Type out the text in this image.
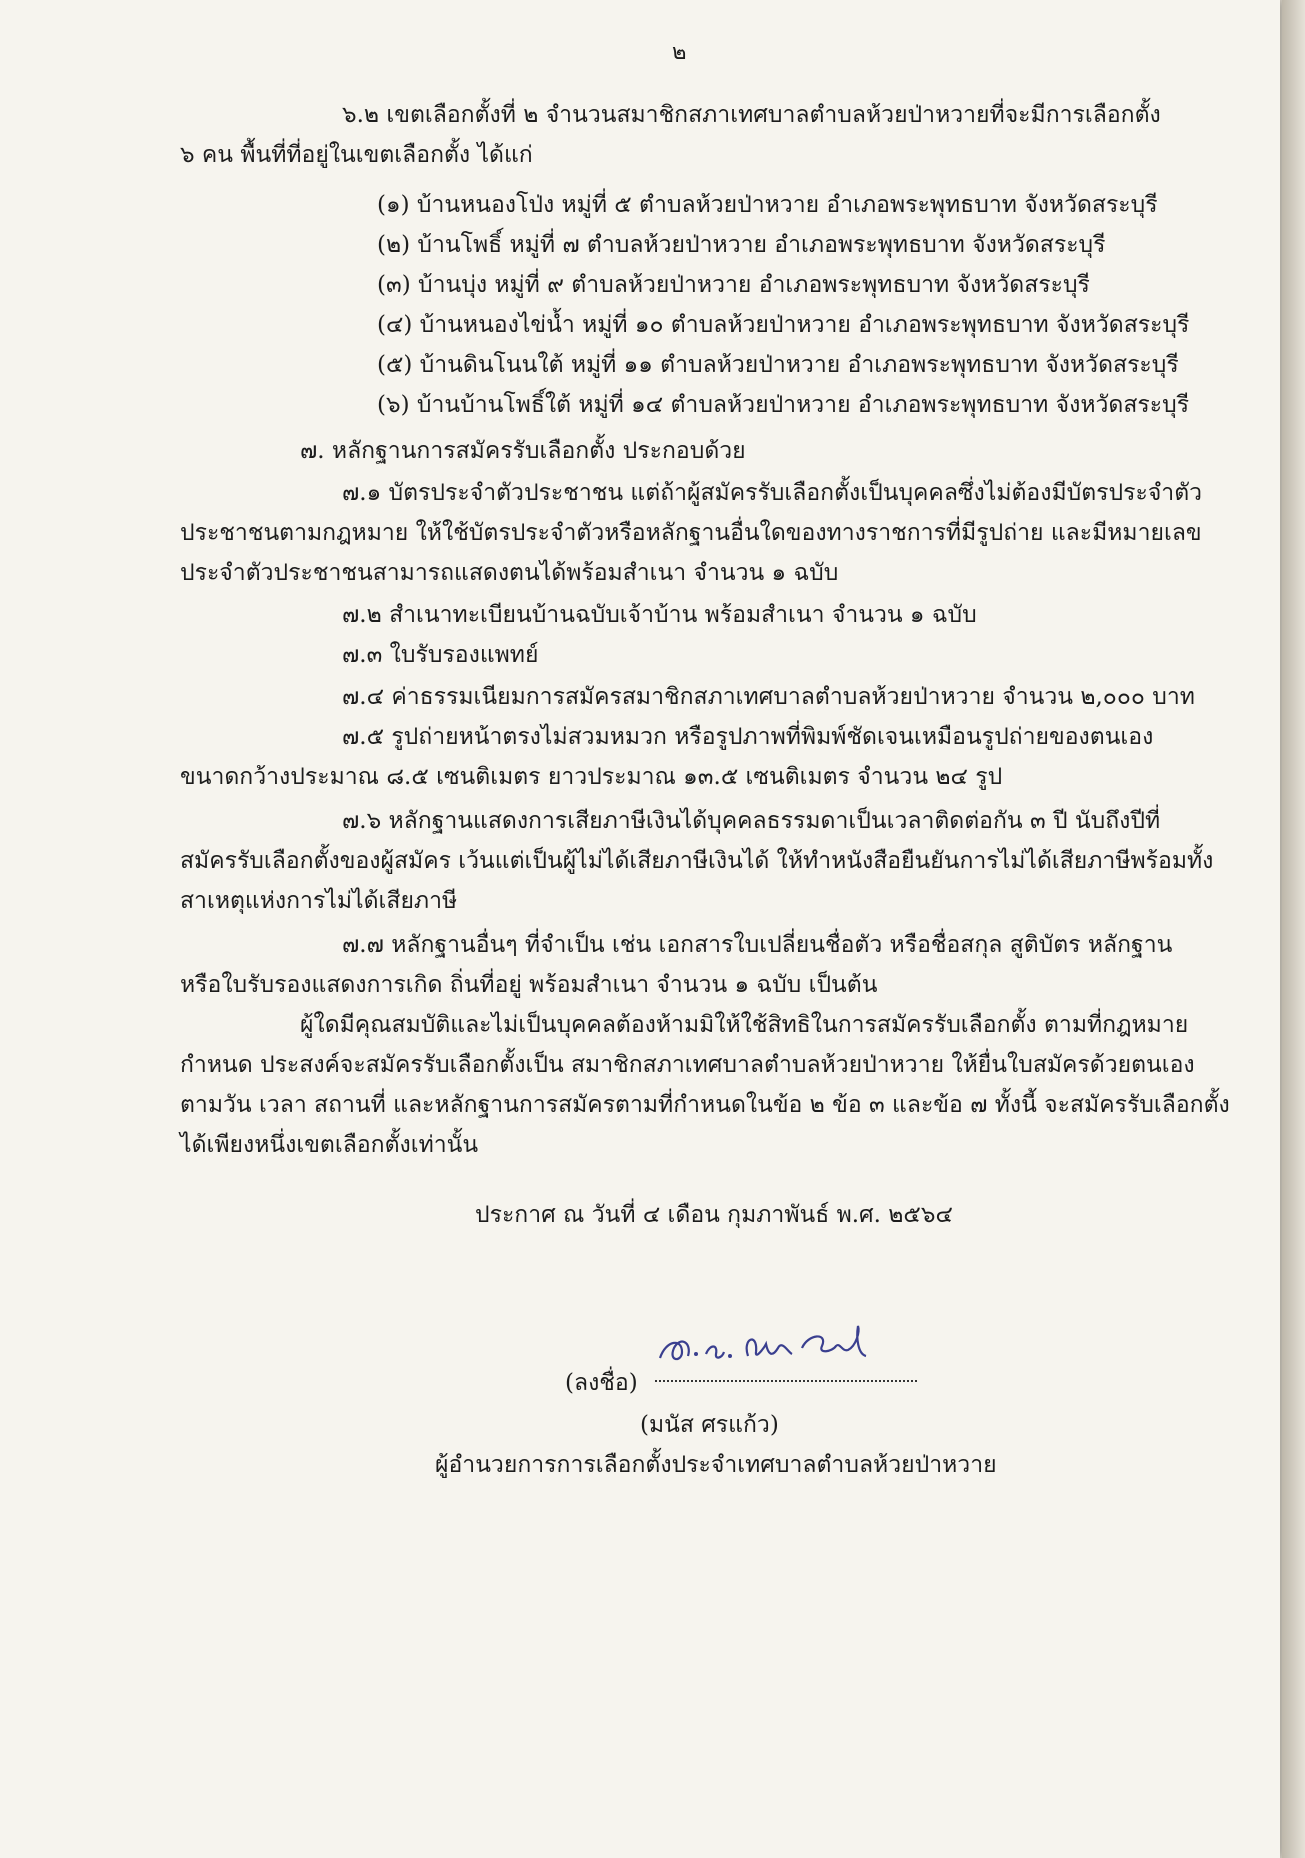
๒
๖.๒ เขตเลือกตั้งที่ ๒ จำนวนสมาชิกสภาเทศบาลตำบลห้วยป่าหวายที่จะมีการเลือกตั้ง
๖ คน พื้นที่ที่อยู่ในเขตเลือกตั้ง ได้แก่
(๑) บ้านหนองโป่ง หมู่ที่ ๕ ตำบลห้วยป่าหวาย อำเภอพระพุทธบาท จังหวัดสระบุรี
(๒) บ้านโพธิ์ หมู่ที่ ๗ ตำบลห้วยป่าหวาย อำเภอพระพุทธบาท จังหวัดสระบุรี
(๓) บ้านบุ่ง หมู่ที่ ๙ ตำบลห้วยป่าหวาย อำเภอพระพุทธบาท จังหวัดสระบุรี
(๔) บ้านหนองไข่น้ำ หมู่ที่ ๑๐ ตำบลห้วยป่าหวาย อำเภอพระพุทธบาท จังหวัดสระบุรี
(๕) บ้านดินโนนใต้ หมู่ที่ ๑๑ ตำบลห้วยป่าหวาย อำเภอพระพุทธบาท จังหวัดสระบุรี
(๖) บ้านบ้านโพธิ์ใต้ หมู่ที่ ๑๔ ตำบลห้วยป่าหวาย อำเภอพระพุทธบาท จังหวัดสระบุรี
๗. หลักฐานการสมัครรับเลือกตั้ง ประกอบด้วย
๗.๑ บัตรประจำตัวประชาชน แต่ถ้าผู้สมัครรับเลือกตั้งเป็นบุคคลซึ่งไม่ต้องมีบัตรประจำตัว
ประชาชนตามกฎหมาย ให้ใช้บัตรประจำตัวหรือหลักฐานอื่นใดของทางราชการที่มีรูปถ่าย และมีหมายเลข
ประจำตัวประชาชนสามารถแสดงตนได้พร้อมสำเนา จำนวน ๑ ฉบับ
๗.๒ สำเนาทะเบียนบ้านฉบับเจ้าบ้าน พร้อมสำเนา จำนวน ๑ ฉบับ
๗.๓ ใบรับรองแพทย์
๗.๔ ค่าธรรมเนียมการสมัครสมาชิกสภาเทศบาลตำบลห้วยป่าหวาย จำนวน ๒,๐๐๐ บาท
๗.๕ รูปถ่ายหน้าตรงไม่สวมหมวก หรือรูปภาพที่พิมพ์ชัดเจนเหมือนรูปถ่ายของตนเอง
ขนาดกว้างประมาณ ๘.๕ เซนติเมตร ยาวประมาณ ๑๓.๕ เซนติเมตร จำนวน ๒๔ รูป
๗.๖ หลักฐานแสดงการเสียภาษีเงินได้บุคคลธรรมดาเป็นเวลาติดต่อกัน ๓ ปี นับถึงปีที่
สมัครรับเลือกตั้งของผู้สมัคร เว้นแต่เป็นผู้ไม่ได้เสียภาษีเงินได้ ให้ทำหนังสือยืนยันการไม่ได้เสียภาษีพร้อมทั้ง
สาเหตุแห่งการไม่ได้เสียภาษี
๗.๗ หลักฐานอื่นๆ ที่จำเป็น เช่น เอกสารใบเปลี่ยนชื่อตัว หรือชื่อสกุล สูติบัตร หลักฐาน
หรือใบรับรองแสดงการเกิด ถิ่นที่อยู่ พร้อมสำเนา จำนวน ๑ ฉบับ เป็นต้น
ผู้ใดมีคุณสมบัติและไม่เป็นบุคคลต้องห้ามมิให้ใช้สิทธิในการสมัครรับเลือกตั้ง ตามที่กฎหมาย
กำหนด ประสงค์จะสมัครรับเลือกตั้งเป็น สมาชิกสภาเทศบาลตำบลห้วยป่าหวาย ให้ยื่นใบสมัครด้วยตนเอง
ตามวัน เวลา สถานที่ และหลักฐานการสมัครตามที่กำหนดในข้อ ๒ ข้อ ๓ และข้อ ๗ ทั้งนี้ จะสมัครรับเลือกตั้ง
ได้เพียงหนึ่งเขตเลือกตั้งเท่านั้น
ประกาศ ณ วันที่ ๔ เดือน กุมภาพันธ์ พ.ศ. ๒๕๖๔
(ลงชื่อ)
(มนัส ศรแก้ว)
ผู้อำนวยการการเลือกตั้งประจำเทศบาลตำบลห้วยป่าหวาย
